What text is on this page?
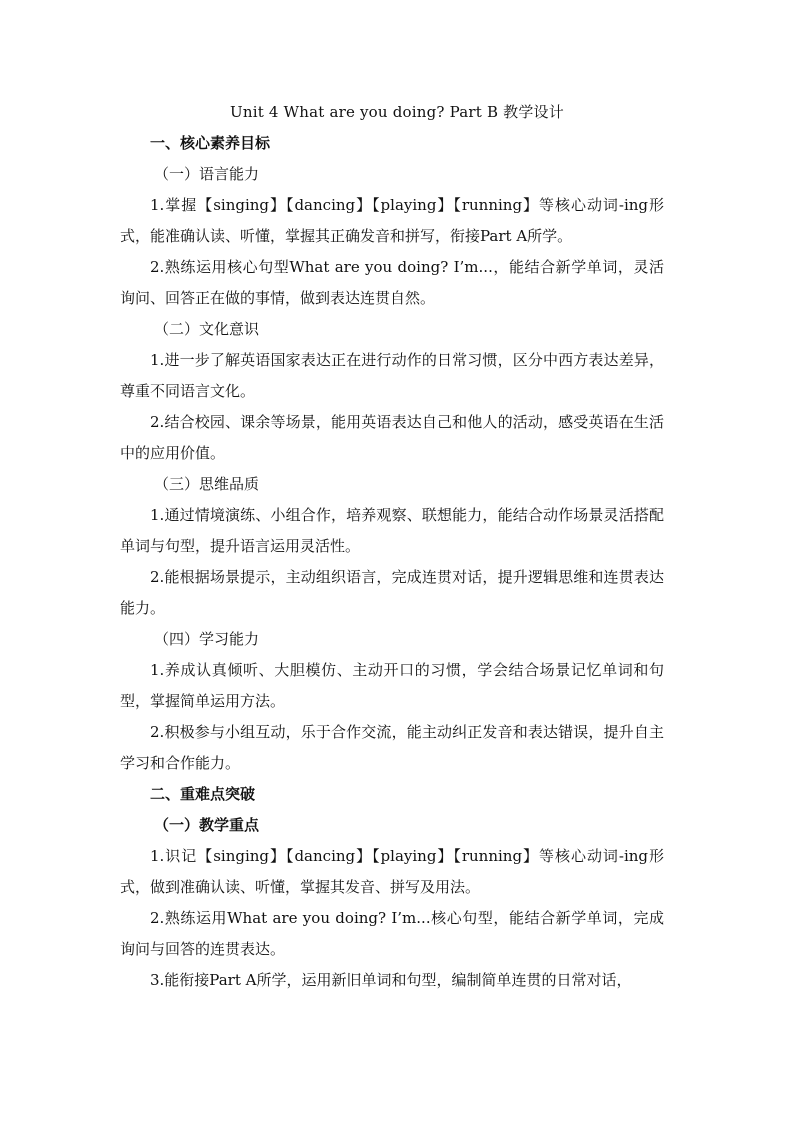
Unit 4 What are you doing? Part B 教学设计

一、核心素养目标

（一）语言能力

1.掌握【singing】【dancing】【playing】【running】等核心动词-ing形式，能准确认读、听懂，掌握其正确发音和拼写，衔接Part A所学。

2.熟练运用核心句型What are you doing? I’m...，能结合新学单词，灵活询问、回答正在做的事情，做到表达连贯自然。

（二）文化意识

1.进一步了解英语国家表达正在进行动作的日常习惯，区分中西方表达差异，尊重不同语言文化。

2.结合校园、课余等场景，能用英语表达自己和他人的活动，感受英语在生活中的应用价值。

（三）思维品质

1.通过情境演练、小组合作，培养观察、联想能力，能结合动作场景灵活搭配单词与句型，提升语言运用灵活性。

2.能根据场景提示，主动组织语言，完成连贯对话，提升逻辑思维和连贯表达能力。

（四）学习能力

1.养成认真倾听、大胆模仿、主动开口的习惯，学会结合场景记忆单词和句型，掌握简单运用方法。

2.积极参与小组互动，乐于合作交流，能主动纠正发音和表达错误，提升自主学习和合作能力。

二、重难点突破

（一）教学重点

1.识记【singing】【dancing】【playing】【running】等核心动词-ing形式，做到准确认读、听懂，掌握其发音、拼写及用法。

2.熟练运用What are you doing? I’m...核心句型，能结合新学单词，完成询问与回答的连贯表达。

3.能衔接Part A所学，运用新旧单词和句型，编制简单连贯的日常对话，
